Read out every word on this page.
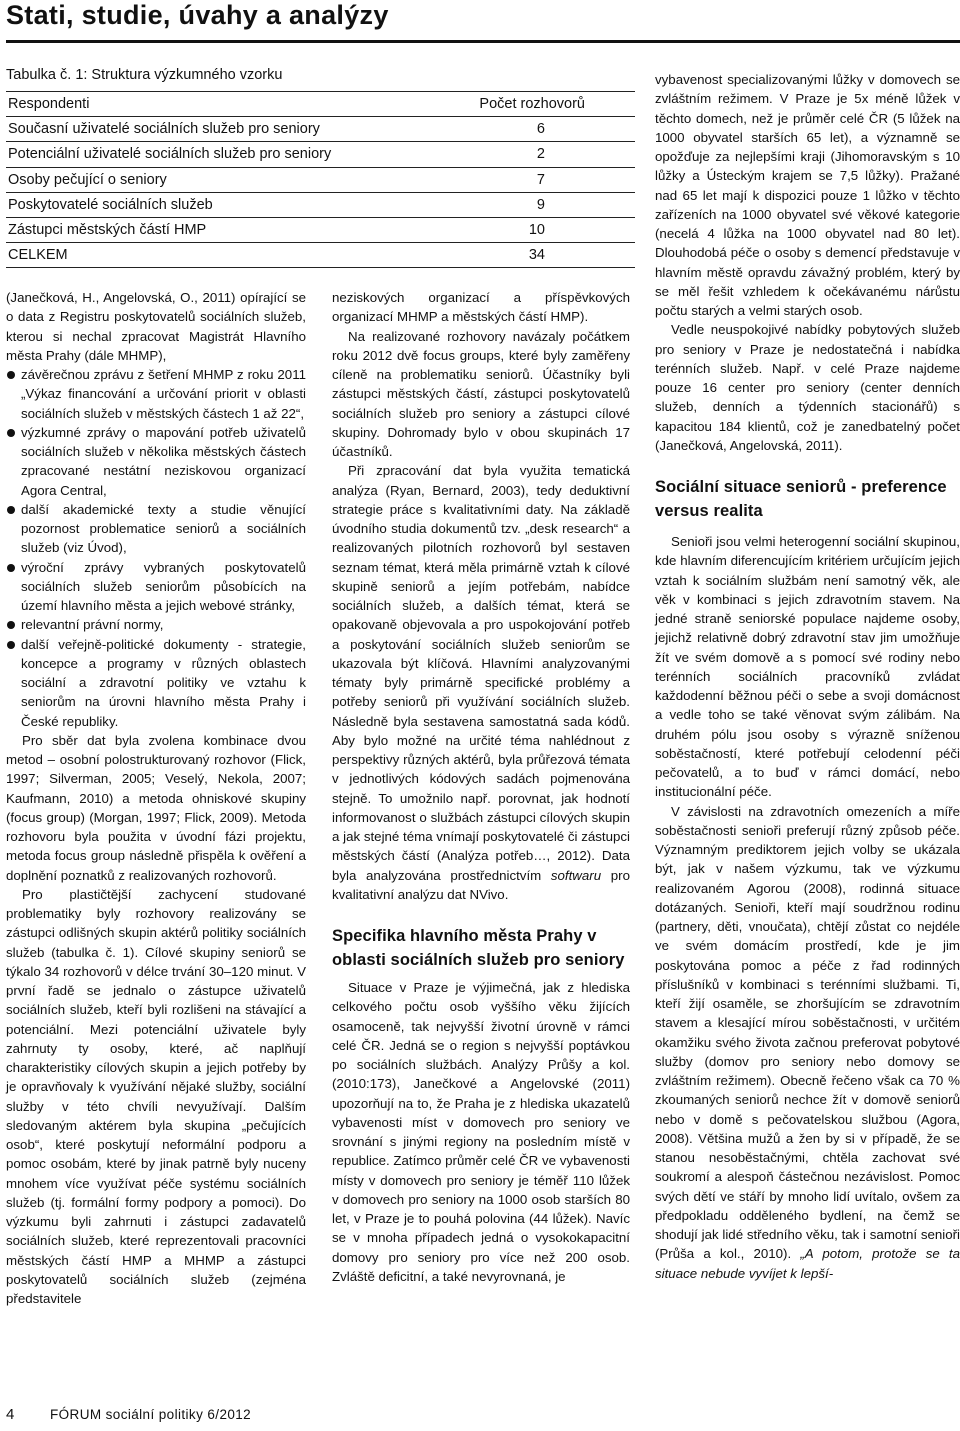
Stati, studie, úvahy a analýzy
Tabulka č. 1: Struktura výzkumného vzorku
Respondenti	Počet rozhovorů
Současní uživatelé sociálních služeb pro seniory	6
Potenciální uživatelé sociálních služeb pro seniory	2
Osoby pečující o seniory	7
Poskytovatelé sociálních služeb	9
Zástupci městských částí HMP	10
CELKEM	34

(Janečková, H., Angelovská, O., 2011) opírající se o data z Registru poskytovatelů sociálních služeb, kterou si nechal zpracovat Magistrát Hlavního města Prahy (dále MHMP),

závěrečnou zprávu z šetření MHMP z roku 2011 „Výkaz financování a určování priorit v oblasti sociálních služeb v městských částech 1 až 22“,

výzkumné zprávy o mapování potřeb uživatelů sociálních služeb v několika městských částech zpracované nestátní neziskovou organizací Agora Central,

další akademické texty a studie věnující pozornost problematice seniorů a sociálních služeb (viz Úvod),

výroční zprávy vybraných poskytovatelů sociálních služeb seniorům působících na území hlavního města a jejich webové stránky,

relevantní právní normy,

další veřejně-politické dokumenty - strategie, koncepce a programy v různých oblastech sociální a zdravotní politiky ve vztahu k seniorům na úrovni hlavního města Prahy i České republiky.

Pro sběr dat byla zvolena kombinace dvou metod – osobní polostrukturovaný rozhovor (Flick, 1997; Silverman, 2005; Veselý, Nekola, 2007; Kaufmann, 2010) a metoda ohniskové skupiny (focus group) (Morgan, 1997; Flick, 2009). Metoda rozhovoru byla použita v úvodní fázi projektu, metoda focus group následně přispěla k ověření a doplnění poznatků z realizovaných rozhovorů.

Pro plastičtější zachycení studované problematiky byly rozhovory realizovány se zástupci odlišných skupin aktérů politiky sociálních služeb (tabulka č. 1). Cílové skupiny seniorů se týkalo 34 rozhovorů v délce trvání 30–120 minut. V první řadě se jednalo o zástupce uživatelů sociálních služeb, kteří byli rozlišeni na stávající a potenciální. Mezi potenciální uživatele byly zahrnuty ty osoby, které, ač naplňují charakteristiky cílových skupin a jejich potřeby by je opravňovaly k využívání nějaké služby, sociální služby v této chvíli nevyužívají. Dalším sledovaným aktérem byla skupina „pečujících osob“, které poskytují neformální podporu a pomoc osobám, které by jinak patrně byly nuceny mnohem více využívat péče systému sociálních služeb (tj. formální formy podpory a pomoci). Do výzkumu byli zahrnuti i zástupci zadavatelů sociálních služeb, které reprezentovali pracovníci městských částí HMP a MHMP a zástupci poskytovatelů sociálních služeb (zejména představitele

neziskových organizací a příspěvkových organizací MHMP a městských částí HMP).

Na realizované rozhovory navázaly počátkem roku 2012 dvě focus groups, které byly zaměřeny cíleně na problematiku seniorů. Účastníky byli zástupci městských částí, zástupci poskytovatelů sociálních služeb pro seniory a zástupci cílové skupiny. Dohromady bylo v obou skupinách 17 účastníků.

Při zpracování dat byla využita tematická analýza (Ryan, Bernard, 2003), tedy deduktivní strategie práce s kvalitativními daty. Na základě úvodního studia dokumentů tzv. „desk research“ a realizovaných pilotních rozhovorů byl sestaven seznam témat, která měla primárně vztah k cílové skupině seniorů a jejím potřebám, nabídce sociálních služeb, a dalších témat, která se opakovaně objevovala a pro uspokojování potřeb a poskytování sociálních služeb seniorům se ukazovala být klíčová. Hlavními analyzovanými tématy byly primárně specifické problémy a potřeby seniorů při využívání sociálních služeb. Následně byla sestavena samostatná sada kódů. Aby bylo možné na určité téma nahlédnout z perspektivy různých aktérů, byla průřezová témata v jednotlivých kódových sadách pojmenována stejně. To umožnilo např. porovnat, jak hodnotí informovanost o službách zástupci cílových skupin a jak stejné téma vnímají poskytovatelé či zástupci městských částí (Analýza potřeb…, 2012). Data byla analyzována prostřednictvím softwaru pro kvalitativní analýzu dat NVivo.

Specifika hlavního města Prahy v oblasti sociálních služeb pro seniory

Situace v Praze je výjimečná, jak z hlediska celkového počtu osob vyššího věku žijících osamoceně, tak nejvyšší životní úrovně v rámci celé ČR. Jedná se o region s nejvyšší poptávkou po sociálních službách. Analýzy Průšy a kol. (2010:173), Janečkové a Angelovské (2011) upozorňují na to, že Praha je z hlediska ukazatelů vybavenosti míst v domovech pro seniory ve srovnání s jinými regiony na posledním místě v republice. Zatímco průměr celé ČR ve vybavenosti místy v domovech pro seniory je téměř 110 lůžek v domovech pro seniory na 1000 osob starších 80 let, v Praze je to pouhá polovina (44 lůžek). Navíc se v mnoha případech jedná o vysokokapacitní domovy pro seniory pro více než 200 osob. Zvláště deficitní, a také nevyrovnaná, je

vybavenost specializovanými lůžky v domovech se zvláštním režimem. V Praze je 5x méně lůžek v těchto domech, než je průměr celé ČR (5 lůžek na 1000 obyvatel starších 65 let), a významně se opožďuje za nejlepšími kraji (Jihomoravským s 10 lůžky a Ústeckým krajem se 7,5 lůžky). Pražané nad 65 let mají k dispozici pouze 1 lůžko v těchto zařízeních na 1000 obyvatel své věkové kategorie (necelá 4 lůžka na 1000 obyvatel nad 80 let). Dlouhodobá péče o osoby s demencí představuje v hlavním městě opravdu závažný problém, který by se měl řešit vzhledem k očekávanému nárůstu počtu starých a velmi starých osob.

Vedle neuspokojivé nabídky pobytových služeb pro seniory v Praze je nedostatečná i nabídka terénních služeb. Např. v celé Praze najdeme pouze 16 center pro seniory (center denních služeb, denních a týdenních stacionářů) s kapacitou 184 klientů, což je zanedbatelný počet (Janečková, Angelovská, 2011).

Sociální situace seniorů - preference versus realita

Senioři jsou velmi heterogenní sociální skupinou, kde hlavním diferencujícím kritériem určujícím jejich vztah k sociálním službám není samotný věk, ale věk v kombinaci s jejich zdravotním stavem. Na jedné straně seniorské populace najdeme osoby, jejichž relativně dobrý zdravotní stav jim umožňuje žít ve svém domově a s pomocí své rodiny nebo terénních sociálních pracovníků zvládat každodenní běžnou péči o sebe a svoji domácnost a vedle toho se také věnovat svým zálibám. Na druhém pólu jsou osoby s výrazně sníženou soběstačností, které potřebují celodenní péči pečovatelů, a to buď v rámci domácí, nebo institucionální péče.

V závislosti na zdravotních omezeních a míře soběstačnosti senioři preferují různý způsob péče. Významným prediktorem jejich volby se ukázala být, jak v našem výzkumu, tak ve výzkumu realizovaném Agorou (2008), rodinná situace dotázaných. Senioři, kteří mají soudržnou rodinu (partnery, děti, vnoučata), chtějí zůstat co nejdéle ve svém domácím prostředí, kde je jim poskytována pomoc a péče z řad rodinných příslušníků v kombinaci s terénními službami. Ti, kteří žijí osaměle, se zhoršujícím se zdravotním stavem a klesající mírou soběstačnosti, v určitém okamžiku svého života začnou preferovat pobytové služby (domov pro seniory nebo domovy se zvláštním režimem). Obecně řečeno však ca 70 % zkoumaných seniorů nechce žít v domově seniorů nebo v domě s pečovatelskou službou (Agora, 2008). Většina mužů a žen by si v případě, že se stanou nesoběstačnými, chtěla zachovat své soukromí a alespoň částečnou nezávislost. Pomoc svých dětí ve stáří by mnoho lidí uvítalo, ovšem za předpokladu odděleného bydlení, na čemž se shodují jak lidé středního věku, tak i samotní senioři (Průša a kol., 2010). „A potom, protože se ta situace nebude vyvíjet k lepší-

4	FÓRUM sociální politiky 6/2012
